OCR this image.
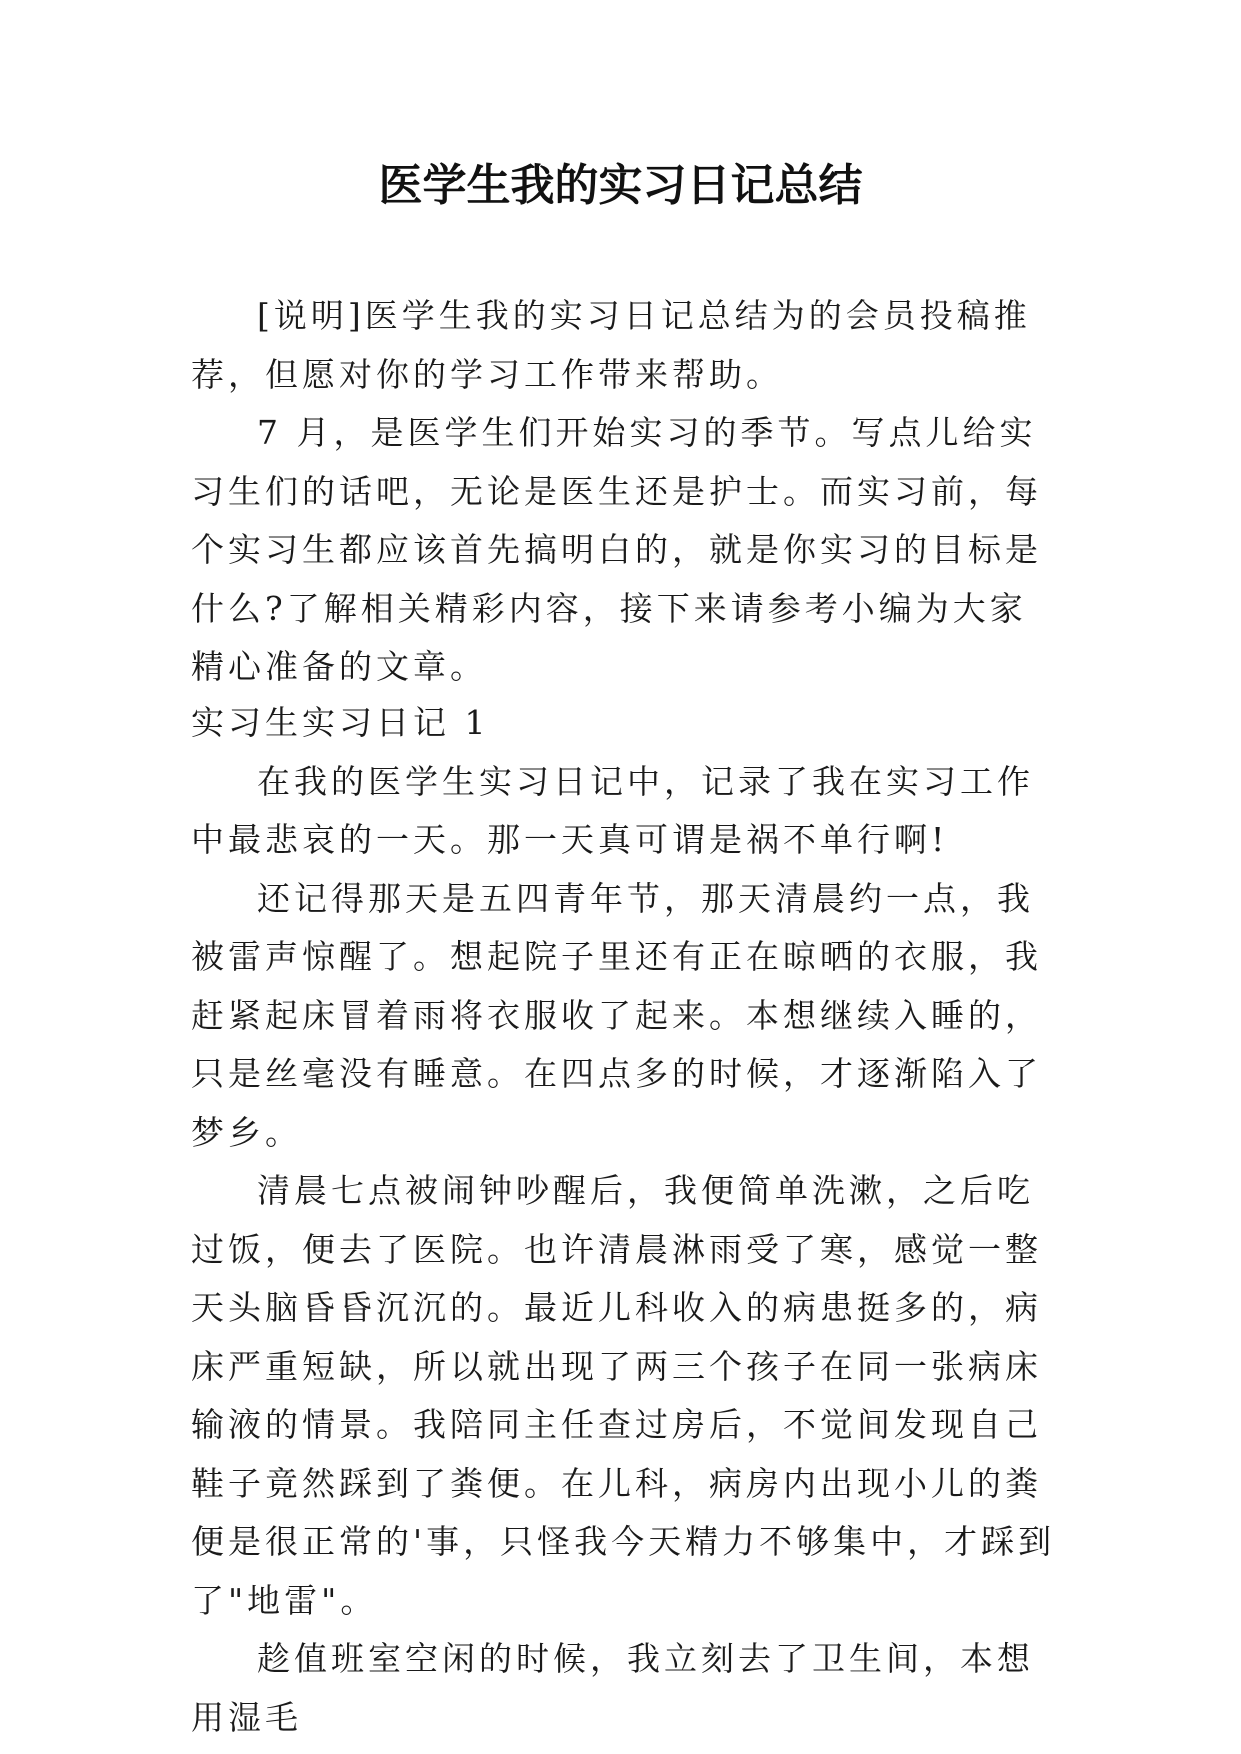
医学生我的实习日记总结

[说明]医学生我的实习日记总结为的会员投稿推荐，但愿对你的学习工作带来帮助。

7 月，是医学生们开始实习的季节。写点儿给实习生们的话吧，无论是医生还是护士。而实习前，每个实习生都应该首先搞明白的，就是你实习的目标是什么?了解相关精彩内容，接下来请参考小编为大家精心准备的文章。

实习生实习日记 1

在我的医学生实习日记中，记录了我在实习工作中最悲哀的一天。那一天真可谓是祸不单行啊!

还记得那天是五四青年节，那天清晨约一点，我被雷声惊醒了。想起院子里还有正在晾晒的衣服，我赶紧起床冒着雨将衣服收了起来。本想继续入睡的，只是丝毫没有睡意。在四点多的时候，才逐渐陷入了梦乡。

清晨七点被闹钟吵醒后，我便简单洗漱，之后吃过饭，便去了医院。也许清晨淋雨受了寒，感觉一整天头脑昏昏沉沉的。最近儿科收入的病患挺多的，病床严重短缺，所以就出现了两三个孩子在同一张病床输液的情景。我陪同主任查过房后，不觉间发现自己鞋子竟然踩到了粪便。在儿科，病房内出现小儿的粪便是很正常的'事，只怪我今天精力不够集中，才踩到了"地雷"。

趁值班室空闲的时候，我立刻去了卫生间，本想用湿毛
